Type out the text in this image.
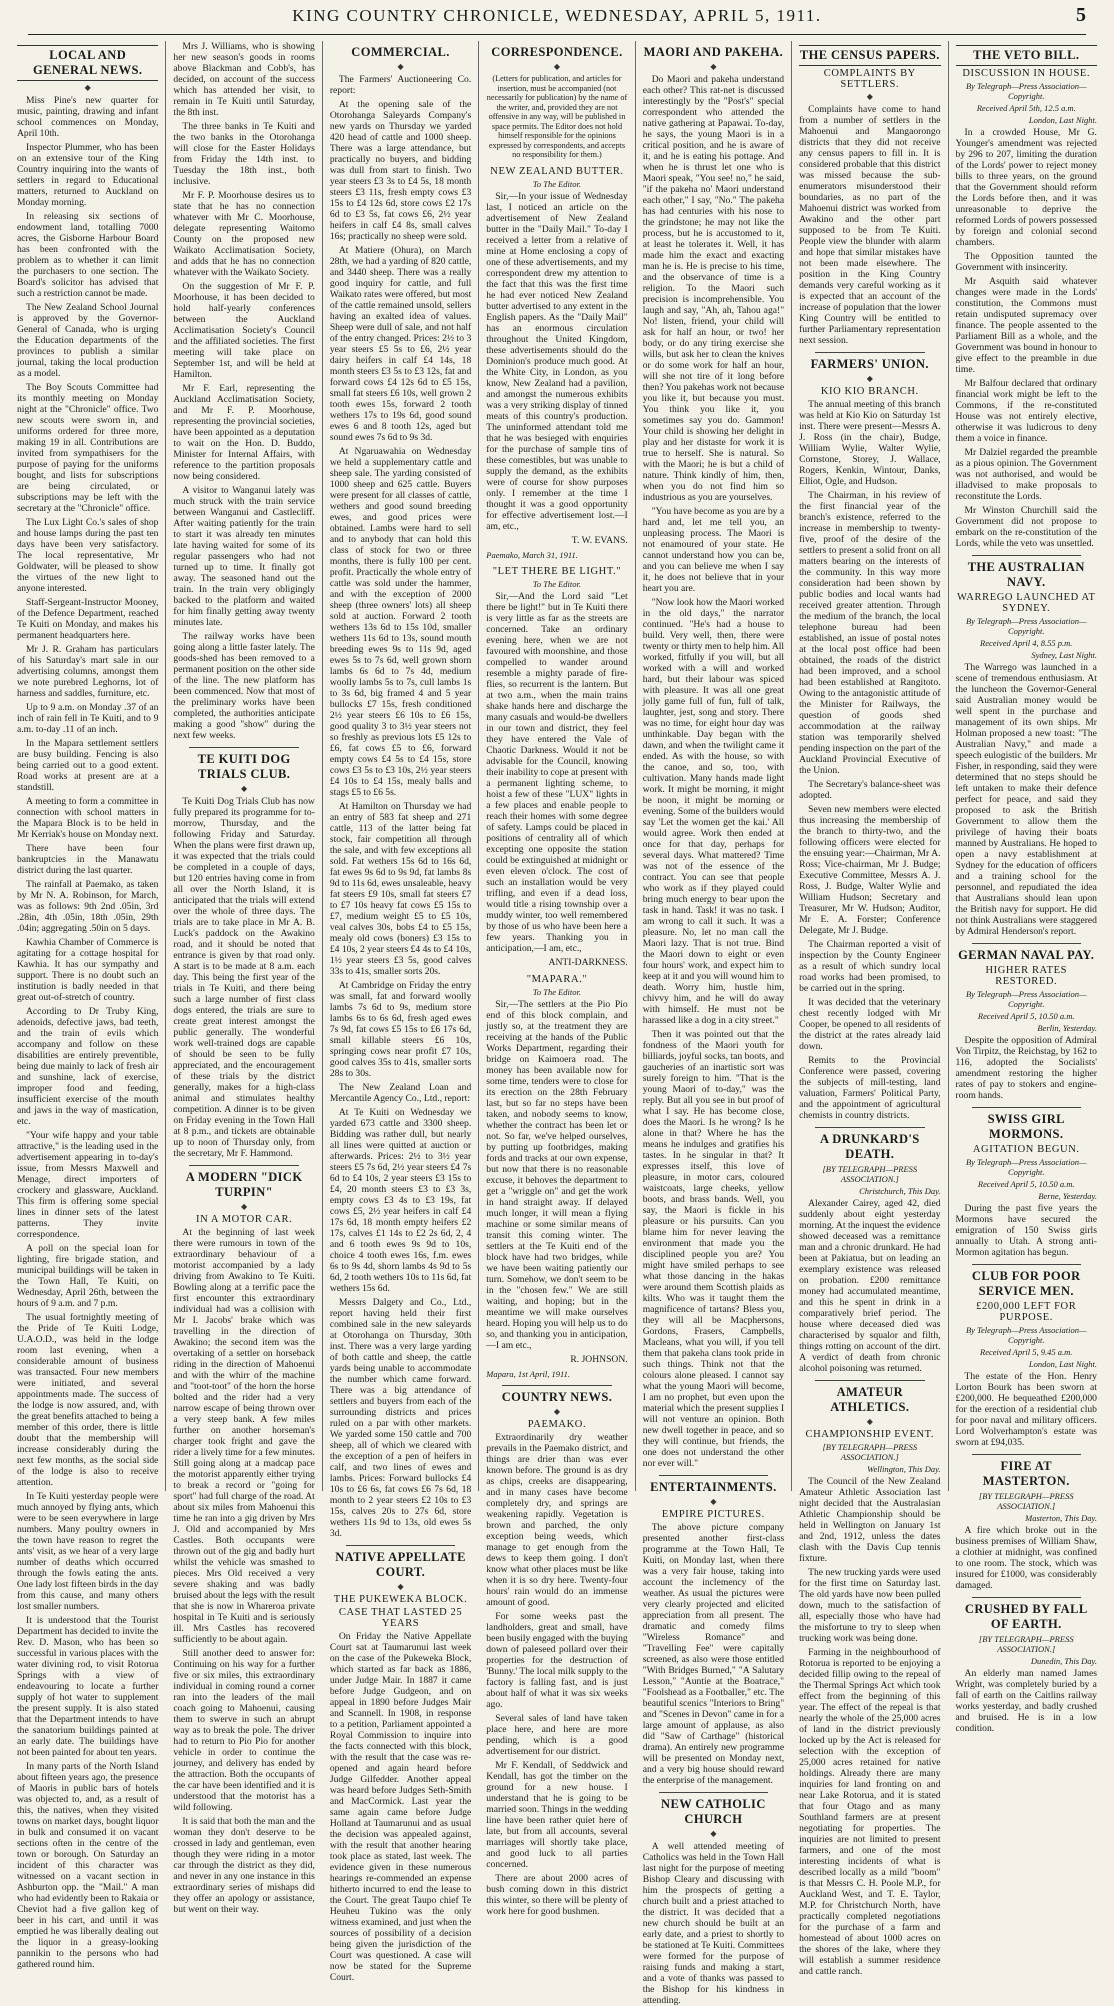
KING COUNTRY CHRONICLE, WEDNESDAY, APRIL 5, 1911.	5
LOCAL AND GENERAL NEWS.
◆

Miss Pine's new quarter for music, painting, drawing and infant school commences on Monday, April 10th.

Inspector Plummer, who has been on an extensive tour of the King Country inquiring into the wants of settlers in regard to Educational matters, returned to Auckland on Monday morning.

In releasing six sections of endowment land, totalling 7000 acres, the Gisborne Harbour Board has been confronted with the problem as to whether it can limit the purchasers to one section. The Board's solicitor has advised that such a restriction cannot be made.

The New Zealand School Journal is approved by the Governor-General of Canada, who is urging the Education departments of the provinces to publish a similar journal, taking the local production as a model.

The Boy Scouts Committee had its monthly meeting on Monday night at the "Chronicle" office. Two new scouts were sworn in, and uniforms ordered for three more, making 19 in all. Contributions are invited from sympathisers for the purpose of paying for the uniforms bought, and lists for subscriptions are being circulated, or subscriptions may be left with the secretary at the "Chronicle" office.

The Lux Light Co.'s sales of shop and house lamps during the past ten days have been very satisfactory. The local representative, Mr Goldwater, will be pleased to show the virtues of the new light to anyone interested.

Staff-Sergeant-Instructor Mooney, of the Defence Department, reached Te Kuiti on Monday, and makes his permanent headquarters here.

Mr J. R. Graham has particulars of his Saturday's mart sale in our advertising columns, amongst them we note purebred Leghorns, lot of harness and saddles, furniture, etc.

Up to 9 a.m. on Monday .37 of an inch of rain fell in Te Kuiti, and to 9 a.m. to-day .11 of an inch.

In the Mapara settlement settlers are busy building. Fencing is also being carried out to a good extent. Road works at present are at a standstill.

A meeting to form a committee in connection with school matters in the Mapara Block is to be held in Mr Kerriak's house on Monday next.

There have been four bankruptcies in the Manawatu district during the last quarter.

The rainfall at Paemako, as taken by Mr N. A. Robinson, for March, was as follows: 9th 2nd .05in, 3rd .28in, 4th .05in, 18th .05in, 29th .04in; aggregating .50in on 5 days.

Kawhia Chamber of Commerce is agitating for a cottage hospital for Kawhia. It has our sympathy and support. There is no doubt such an institution is badly needed in that great out-of-stretch of country.

According to Dr Truby King, adenoids, defective jaws, bad teeth, and the train of evils which accompany and follow on these disabilities are entirely preventible, being due mainly to lack of fresh air and sunshine, lack of exercise, improper food and feeding, insufficient exercise of the mouth and jaws in the way of mastication, etc.

"Your wife happy and your table attractive," is the leading used in the advertisement appearing in to-day's issue, from Messrs Maxwell and Menage, direct importers of crockery and glassware, Auckland. This firm is offering some special lines in dinner sets of the latest patterns. They invite correspondence.

A poll on the special loan for lighting, fire brigade station, and municipal buildings will be taken in the Town Hall, Te Kuiti, on Wednesday, April 26th, between the hours of 9 a.m. and 7 p.m.

The usual fortnightly meeting of the Pride of Te Kuiti Lodge, U.A.O.D., was held in the lodge room last evening, when a considerable amount of business was transacted. Four new members were initiated, and several appointments made. The success of the lodge is now assured, and, with the great benefits attached to being a member of this order, there is little doubt that the membership will increase considerably during the next few months, as the social side of the lodge is also to receive attention.

In Te Kuiti yesterday people were much annoyed by flying ants, which were to be seen everywhere in large numbers. Many poultry owners in the town have reason to regret the ants' visit, as we hear of a very large number of deaths which occurred through the fowls eating the ants. One lady lost fifteen birds in the day from this cause, and many others lost smaller numbers.

It is understood that the Tourist Department has decided to invite the Rev. D. Mason, who has been so successful in various places with the water divining rod, to visit Rotorua Springs with a view of endeavouring to locate a further supply of hot water to supplement the present supply. It is also stated that the Department intends to have the sanatorium buildings painted at an early date. The buildings have not been painted for about ten years.

In many parts of the North Island about fifteen years ago, the presence of Maoris in public bars of hotels was objected to, and, as a result of this, the natives, when they visited towns on market days, bought liquor in bulk and consumed it on vacant sections often in the centre of the town or borough. On Saturday an incident of this character was witnessed on a vacant section in Ashburton opp. the "Mail." A man who had evidently been to Rakaia or Cheviot had a five gallon keg of beer in his cart, and until it was emptied he was liberally dealing out the liquor in a greasy-looking pannikin to the persons who had gathered round him.

Mrs J. Williams, who is showing her new season's goods in rooms above Blackman and Cobb's, has decided, on account of the success which has attended her visit, to remain in Te Kuiti until Saturday, the 8th inst.

The three banks in Te Kuiti and the two banks in the Otorohanga will close for the Easter Holidays from Friday the 14th inst. to Tuesday the 18th inst., both inclusive.

Mr F. P. Moorhouse desires us to state that he has no connection whatever with Mr C. Moorhouse, delegate representing Waitomo County on the proposed new Waikato Acclimatisation Society, and adds that he has no connection whatever with the Waikato Society.

On the suggestion of Mr F. P. Moorhouse, it has been decided to hold half-yearly conferences between the Auckland Acclimatisation Society's Council and the affiliated societies. The first meeting will take place on September 1st, and will be held at Hamilton.

Mr F. Earl, representing the Auckland Acclimatisation Society, and Mr F. P. Moorhouse, representing the provincial societies, have been appointed as a deputation to wait on the Hon. D. Buddo, Minister for Internal Affairs, with reference to the partition proposals now being considered.

A visitor to Wanganui lately was much struck with the train service between Wanganui and Castlecliff. After waiting patiently for the train to start it was already ten minutes late having waited for some of its regular passengers who had not turned up to time. It finally got away. The seasoned hand out the train. In the train very obligingly backed to the platform and waited for him finally getting away twenty minutes late.

The railway works have been going along a little faster lately. The goods-shed has been removed to a permanent position on the other side of the line. The new platform has been commenced. Now that most of the preliminary works have been completed, the authorities anticipate making a good "show" during the next few weeks.

TE KUITI DOG TRIALS CLUB.
◆

Te Kuiti Dog Trials Club has now fully prepared its programme for to-morrow, Thursday, and the following Friday and Saturday. When the plans were first drawn up, it was expected that the trials could be completed in a couple of days, but 120 entries having come in from all over the North Island, it is anticipated that the trials will extend over the whole of three days. The trials are to take place in Mr A. B. Luck's paddock on the Awakino road, and it should be noted that entrance is given by that road only. A start is to be made at 8 a.m. each day. This being the first year of the trials in Te Kuiti, and there being such a large number of first class dogs entered, the trials are sure to create great interest amongst the public generally. The wonderful work well-trained dogs are capable of should be seen to be fully appreciated, and the encouragement of these trials by the district generally, makes for a high-class animal and stimulates healthy competition. A dinner is to be given on Friday evening in the Town Hall at 8 p.m., and tickets are obtainable up to noon of Thursday only, from the secretary, Mr F. Hammond.

A MODERN "DICK TURPIN"
◆
IN A MOTOR CAR.

At the beginning of last week there were rumours in town of the extraordinary behaviour of a motorist accompanied by a lady driving from Awakino to Te Kuiti. Bowling along at a terrific pace the first encounter this extraordinary individual had was a collision with Mr I. Jacobs' brake which was travelling in the direction of Awakino; the second item was the overtaking of a settler on horseback riding in the direction of Mahoenui and with the whirr of the machine and "toot-toot" of the horn the horse bolted and the rider had a very narrow escape of being thrown over a very steep bank. A few miles further on another horseman's charger took fright and gave the rider a lively time for a few minutes. Still going along at a madcap pace the motorist apparently either trying to break a record or "going for sport" had full charge of the road. At about six miles from Mahoenui this time he ran into a gig driven by Mrs J. Old and accompanied by Mrs Castles. Both occupants were thrown out of the gig and badly hurt whilst the vehicle was smashed to pieces. Mrs Old received a very severe shaking and was badly bruised about the legs with the result that she is now in Whareroa private hospital in Te Kuiti and is seriously ill. Mrs Castles has recovered sufficiently to be about again.

Still another deed to answer for: Continuing on his way for a further five or six miles, this extraordinary individual in coming round a corner ran into the leaders of the mail coach going to Mahoenui, causing them to swerve in such an abrupt way as to break the pole. The driver had to return to Pio Pio for another vehicle in order to continue the journey, and delivery has ended by the attraction. Both the occupants of the car have been identified and it is understood that the motorist has a wild following.

It is said that both the man and the woman they don't deserve to be crossed in lady and gentleman, even though they were riding in a motor car through the district as they did, and never in any one instance in this extraordinary series of mishaps did they offer an apology or assistance, but went on their way.

COMMERCIAL.
◆

The Farmers' Auctioneering Co. report:

At the opening sale of the Otorohanga Saleyards Company's new yards on Thursday we yarded 420 head of cattle and 1000 sheep. There was a large attendance, but practically no buyers, and bidding was dull from start to finish. Two year steers £3 3s to £4 5s, 18 month steers £3 11s, fresh empty cows £3 15s to £4 12s 6d, store cows £2 17s 6d to £3 5s, fat cows £6, 2½ year heifers in calf £4 8s, small calves 16s; practically no sheep were sold.

At Matiere (Ohura), on March 28th, we had a yarding of 820 cattle, and 3440 sheep. There was a really good inquiry for cattle, and full Waikato rates were offered, but most of the cattle remained unsold, sellers having an exalted idea of values. Sheep were dull of sale, and not half of the entry changed. Prices: 2½ to 3 year steers £5 5s to £6, 2½ year dairy heifers in calf £4 14s, 18 month steers £3 5s to £3 12s, fat and forward cows £4 12s 6d to £5 15s, small fat steers £6 10s, well grown 2 tooth ewes 15s, forward 2 tooth wethers 17s to 19s 6d, good sound ewes 6 and 8 tooth 12s, aged but sound ewes 7s 6d to 9s 3d.

At Ngaruawahia on Wednesday we held a supplementary cattle and sheep sale. The yarding consisted of 1000 sheep and 625 cattle. Buyers were present for all classes of cattle, wethers and good sound breeding ewes, and good prices were obtained. Lambs were hard to sell and to anybody that can hold this class of stock for two or three months, there is fully 100 per cent. profit. Practically the whole entry of cattle was sold under the hammer, and with the exception of 2000 sheep (three owners' lots) all sheep sold at auction. Forward 2 tooth wethers 13s 6d to 15s 10d, smaller wethers 11s 6d to 13s, sound mouth breeding ewes 9s to 11s 9d, aged ewes 5s to 7s 6d, well grown shorn lambs 6s 6d to 7s 4d, medium woolly lambs 5s to 7s, cull lambs 1s to 3s 6d, big framed 4 and 5 year bullocks £7 15s, fresh conditioned 2½ year steers £6 10s to £6 15s, good quality 3 to 3½ year steers not so freshly as previous lots £5 12s to £6, fat cows £5 to £6, forward empty cows £4 5s to £4 15s, store cows £3 5s to £3 10s, 2½ year steers £4 10s to £4 15s, mealy balls and stags £5 to £6 5s.

At Hamilton on Thursday we had an entry of 583 fat sheep and 271 cattle, 113 of the latter being fat stock, fair competition all through the sale, and with few exceptions all sold. Fat wethers 15s 6d to 16s 6d, fat ewes 9s 6d to 9s 9d, fat lambs 8s 9d to 11s 6d, ewes unsaleable, heavy fat steers £9 10s, small fat steers £7 to £7 10s heavy fat cows £5 15s to £7, medium weight £5 to £5 10s, veal calves 30s, bobs £4 to £5 15s, mealy old cows (boners) £3 15s to £4 10s, 2 year steers £4 4s to £4 10s, 1½ year steers £3 5s, good calves 33s to 41s, smaller sorts 20s.

At Cambridge on Friday the entry was small, fat and forward woolly lambs 7s 6d to 9s, medium store lambs 6s to 6s 6d, fresh aged ewes 7s 9d, fat cows £5 15s to £6 17s 6d, small killable steers £6 10s, springing cows near profit £7 10s, good calves 35s to 41s, smaller sorts 28s to 30s.

The New Zealand Loan and Mercantile Agency Co., Ltd., report:

At Te Kuiti on Wednesday we yarded 673 cattle and 3300 sheep. Bidding was rather dull, but nearly all lines were quitted at auction or afterwards. Prices: 2½ to 3½ year steers £5 7s 6d, 2½ year steers £4 7s 6d to £4 10s, 2 year steers £3 15s to £4, 20 month steers £3 to £3 3s, empty cows £3 4s to £3 19s, fat cows £5, 2½ year heifers in calf £4 17s 6d, 18 month empty heifers £2 17s, calves £1 14s to £2 2s 6d, 2, 4 and 6 tooth ewes 9s 9d to 10s, choice 4 tooth ewes 16s, f.m. ewes 6s to 9s 4d, shorn lambs 4s 9d to 5s 6d, 2 tooth wethers 10s to 11s 6d, fat wethers 15s 6d.

Messrs Dalgety and Co., Ltd., report having held their first combined sale in the new saleyards at Otorohanga on Thursday, 30th inst. There was a very large yarding of both cattle and sheep, the cattle yards being unable to accommodate the number which came forward. There was a big attendance of settlers and buyers from each of the surrounding districts and prices ruled on a par with other markets. We yarded some 150 cattle and 700 sheep, all of which we cleared with the exception of a pen of heifers in calf, and two lines of ewes and lambs. Prices: Forward bullocks £4 10s to £6 6s, fat cows £6 7s 6d, 18 month to 2 year steers £2 10s to £3 15s, calves 20s to 27s 6d, store wethers 11s 9d to 13s, old ewes 5s 3d.

NATIVE APPELLATE COURT.
◆
THE PUKEWEKA BLOCK.
CASE THAT LASTED 25 YEARS

On Friday the Native Appellate Court sat at Taumarunui last week on the case of the Pukeweka Block, which started as far back as 1886, under Judge Mair. In 1887 it came before Judge Gudgeon, and on appeal in 1890 before Judges Mair and Scannell. In 1908, in response to a petition, Parliament appointed a Royal Commission to inquire into the facts connected with this block, with the result that the case was re-opened and again heard before Judge Gilfedder. Another appeal was heard before Judges Seth-Smith and MacCormick. Last year the same again came before Judge Holland at Taumarunui and as usual the decision was appealed against, with the result that another hearing took place as stated, last week. The evidence given in these numerous hearings re-commended an expense hitherto incurred to end the lease to the Court. The great Taupo chief Te Heuheu Tukino was the only witness examined, and just when the sources of possibility of a decision being given the jurisdiction of the Court was questioned. A case will now be stated for the Supreme Court.

CORRESPONDENCE.
◆

(Letters for publication, and articles for insertion, must be accompanied (not necessarily for publication) by the name of the writer, and, provided they are not offensive in any way, will be published in space permits. The Editor does not hold himself responsible for the opinions expressed by correspondents, and accepts no responsibility for them.)

NEW ZEALAND BUTTER.
To The Editor.

Sir,—In your issue of Wednesday last, I noticed an article on the advertisement of New Zealand butter in the "Daily Mail." To-day I received a letter from a relative of mine at Home enclosing a copy of one of these advertisements, and my correspondent drew my attention to the fact that this was the first time he had ever noticed New Zealand butter advertised to any extent in the English papers. As the "Daily Mail" has an enormous circulation throughout the United Kingdom, these advertisements should do the Dominion's produce much good. At the White City, in London, as you know, New Zealand had a pavilion, and amongst the numerous exhibits was a very striking display of tinned meats of this country's production. The uninformed attendant told me that he was besieged with enquiries for the purchase of sample tins of these comestibles, but was unable to supply the demand, as the exhibits were of course for show purposes only. I remember at the time I thought it was a good opportunity for effective advertisement lost.—I am, etc.,

T. W. EVANS.
Paemako, March 31, 1911.
"LET THERE BE LIGHT."
To The Editor.

Sir,—And the Lord said "Let there be light!" but in Te Kuiti there is very little as far as the streets are concerned. Take an ordinary evening here, when we are not favoured with moonshine, and those compelled to wander around resemble a mighty parade of fire-flies, so recurrent is the lantern. But at two a.m., when the main trains shake hands here and discharge the many casuals and would-be dwellers in our town and district, they feel they have entered the Vale of Chaotic Darkness. Would it not be advisable for the Council, knowing their inability to cope at present with a permanent lighting scheme, to hoist a few of these "LUX" lights in a few places and enable people to reach their homes with some degree of safety. Lamps could be placed in positions of centrality all of which excepting one opposite the station could be extinguished at midnight or even eleven o'clock. The cost of such an installation would be very trifling, and even if a dead loss, would title a rising township over a muddy winter, too well remembered by those of us who have been here a few years. Thanking you in anticipation,—I am, etc.,

ANTI-DARKNESS.
"MAPARA."
To The Editor.

Sir,—The settlers at the Pio Pio end of this block complain, and justly so, at the treatment they are receiving at the hands of the Public Works Department, regarding their bridge on Kaimoera road. The money has been available now for some time, tenders were to close for its erection on the 28th February last, but so far no steps have been taken, and nobody seems to know, whether the contract has been let or not. So far, we've helped ourselves, by putting up footbridges, making fords and tracks at our own expense, but now that there is no reasonable excuse, it behoves the department to get a "wriggle on" and get the work in hand straight away. If delayed much longer, it will mean a flying machine or some similar means of transit this coming winter. The settlers at the Te Kuiti end of the block have had two bridges, while we have been waiting patiently our turn. Somehow, we don't seem to be in the "chosen few." We are still waiting, and hoping; but in the meantime we will make ourselves heard. Hoping you will help us to do so, and thanking you in anticipation,—I am etc.,

R. JOHNSON.
Mapara, 1st April, 1911.
COUNTRY NEWS.
◆
PAEMAKO.

Extraordinarily dry weather prevails in the Paemako district, and things are drier than was ever known before. The ground is as dry as chips, creeks are disappearing, and in many cases have become completely dry, and springs are weakening rapidly. Vegetation is brown and parched, the only exception being weeds, which manage to get enough from the dews to keep them going. I don't know what other places must be like when it is so dry here. Twenty-four hours' rain would do an immense amount of good.

For some weeks past the landholders, great and small, have been busily engaged with the buying down of paleseed pollard over their properties for the destruction of 'Bunny.' The local milk supply to the factory is falling fast, and is just about half of what it was six weeks ago.

Several sales of land have taken place here, and here are more pending, which is a good advertisement for our district.

Mr F. Kendall, of Seddwick and Kendall, has got the timber on the ground for a new house. I understand that he is going to be married soon. Things in the wedding line have been rather quiet here of late, but from all accounts, several marriages will shortly take place, and good luck to all parties concerned.

There are about 2000 acres of bush coming down in this district this winter, so there will be plenty of work here for good bushmen.

MAORI AND PAKEHA.
◆

Do Maori and pakeha understand each other? This rat-net is discussed interestingly by the "Post's" special correspondent who attended the native gathering at Papawai. To-day, he says, the young Maori is in a critical position, and he is aware of it, and he is eating his pottage. And when he is thrust let one who is Maori speak, "You see! no," he said, "if the pakeha no' Maori understand each other," I say, "No." The pakeha has had centuries with his nose to the grindstone; he may not like the process, but he is accustomed to it, at least he tolerates it. Well, it has made him the exact and exacting man he is. He is precise to his time, and the observance of time is a religion. To the Maori such precision is incomprehensible. You laugh and say, "Ah, ah, Tahou aga!" No! listen, friend, your child will ask for half an hour, or two! her body, or do any tiring exercise she wills, but ask her to clean the knives or do some work for half an hour, will she not tire of it long before then? You pakehas work not because you like it, but because you must. You think you like it, you sometimes say you do. Gammon! Your child is showing her delight in play and her distaste for work it is true to herself. She is natural. So with the Maori; he is but a child of nature. Think kindly of him, then, when you do not find him so industrious as you are yourselves.

"You have become as you are by a hard and, let me tell you, an unpleasing process. The Maori is not enamoured of your state. He cannot understand how you can be, and you can believe me when I say it, he does not believe that in your heart you are.

"Now look how the Maori worked in the old days," the narrator continued. "He's had a house to build. Very well, then, there were twenty or thirty men to help him. All worked, fitfully if you will, but all worked with a will and worked hard, but their labour was spiced with pleasure. It was all one great jolly game full of fun, full of talk, laughter, jest, song and story. There was no time, for eight hour day was unthinkable. Day began with the dawn, and when the twilight came it ended. As with the house, so with the canoe, and so, too, with cultivation. Many hands made light work. It might be morning, it might be noon, it might be morning or evening. Some of the builders would say 'Let the women get the kai.' All would agree. Work then ended at once for that day, perhaps for several days. What mattered? Time was not of the essence of the contract. You can see that people who work as if they played could bring much energy to bear upon the task in hand. Task! it was no task. I am wrong to call it such. It was a pleasure. No, let no man call the Maori lazy. That is not true. Bind the Maori down to eight or even four hours' work, and expect him to keep at it and you will wound him to death. Worry him, hustle him, chivvy him, and he will do away with himself. He must not be harassed like a dog in a city street."

Then it was pointed out that the fondness of the Maori youth for billiards, joyful socks, tan boots, and gaucheries of an inartistic sort was surely foreign to him. "That is the young Maori of to-day," was the reply. But all you see in but proof of what I say. He has become close, does the Maori. Is he wrong? Is he alone in that? Where he has the means he indulges and gratifies his tastes. In he singular in that? It expresses itself, this love of pleasure, in motor cars, coloured waistcoats, large cheeks, yellow boots, and brass bands. Well, you say, the Maori is fickle in his pleasure or his pursuits. Can you blame him for never leaving the environment that made you the disciplined people you are? You might have smiled perhaps to see what those dancing in the hakas were around them Scottish plaids as kilts. Who was it taught them the magnificence of tartans? Bless you, they will all be Macphersons, Gordons, Frasers, Campbells, Macleans, what you will, if you tell them that pakeha clans took pride in such things. Think not that the colours alone pleased. I cannot say what the young Maori will become, I am no prophet, but even upon the material which the present supplies I will not venture an opinion. Both new dwell together in peace, and so they will continue, but friends, the one does not understand the other nor ever will."

ENTERTAINMENTS.
◆
EMPIRE PICTURES.

The above picture company presented another first-class programme at the Town Hall, Te Kuiti, on Monday last, when there was a very fair house, taking into account the inclemency of the weather. As usual the pictures were very clearly projected and elicited appreciation from all present. The dramatic and comedy films "Wireless Romance" and "Travelling Fee" were capitally screened, as also were those entitled "With Bridges Burned," "A Salutary Lesson," "Auntie at the Boatrace," "Foolshead as a Footballer," etc. The beautiful scenics "Interiors to Bring" and "Scenes in Devon" came in for a large amount of applause, as also did "Saw of Carthage" (historical drama). An entirely new programme will be presented on Monday next, and a very big house should reward the enterprise of the management.

NEW CATHOLIC CHURCH
◆

A well attended meeting of Catholics was held in the Town Hall last night for the purpose of meeting Bishop Cleary and discussing with him the prospects of getting a church built and a priest attached to the district. It was decided that a new church should be built at an early date, and a priest to shortly to be stationed at Te Kuiti. Committees were formed for the purpose of raising funds and making a start, and a vote of thanks was passed to the Bishop for his kindness in attending.

THE CENSUS PAPERS.
COMPLAINTS BY SETTLERS.
◆

Complaints have come to hand from a number of settlers in the Mahoenui and Mangaorongo districts that they did not receive any census papers to fill in. It is considered probable that this district was missed because the sub-enumerators misunderstood their boundaries, as no part of the Mahoenui district was worked from Awakino and the other part supposed to be from Te Kuiti. People view the blunder with alarm and hope that similar mistakes have not been made elsewhere. The position in the King Country demands very careful working as it is expected that an account of the increase of population that the lower King Country will be entitled to further Parliamentary representation next session.

FARMERS' UNION.
◆
KIO KIO BRANCH.

The annual meeting of this branch was held at Kio Kio on Saturday 1st inst. There were present—Messrs A. J. Ross (in the chair), Budge, William Wylie, Walter Wylie, Cornstone, Storey, J. Wallace, Rogers, Kenkin, Wintour, Danks, Elliot, Ogle, and Hudson.

The Chairman, in his review of the first financial year of the branch's existence, referred to the increase in membership to twenty-five, proof of the desire of the settlers to present a solid front on all matters bearing on the interests of the community. In this way more consideration had been shown by public bodies and local wants had received greater attention. Through the medium of the branch, the local telephone bureau had been established, an issue of postal notes at the local post office had been obtained, the roads of the district had been improved, and a school had been established at Rangitoto. Owing to the antagonistic attitude of the Minister for Railways, the question of goods shed accommodation at the railway station was temporarily shelved pending inspection on the part of the Auckland Provincial Executive of the Union.

The Secretary's balance-sheet was adopted.

Seven new members were elected thus increasing the membership of the branch to thirty-two, and the following officers were elected for the ensuing year:—Chairman, Mr A. Ross; Vice-chairman, Mr J. Budge; Executive Committee, Messrs A. J. Ross, J. Budge, Walter Wylie and William Hudson; Secretary and Treasurer, Mr W. Hudson; Auditor, Mr E. A. Forster; Conference Delegate, Mr J. Budge.

The Chairman reported a visit of inspection by the County Engineer as a result of which sundry local road works had been promised, to be carried out in the spring.

It was decided that the veterinary chest recently lodged with Mr Cooper, be opened to all residents of the district at the rates already laid down.

Remits to the Provincial Conference were passed, covering the subjects of mill-testing, land valuation, Farmers' Political Party, and the appointment of agricultural chemists in country districts.

A DRUNKARD'S DEATH.
[BY TELEGRAPH—PRESS ASSOCIATION.]
Christchurch, This Day.

Alexander Cairey, aged 42, died suddenly about eight yesterday morning. At the inquest the evidence showed deceased was a remittance man and a chronic drunkard. He had been at Pakiatua, but on leading an exemplary existence was released on probation. £200 remittance money had accumulated meantime, and this he spent in drink in a comparatively brief period. The house where deceased died was characterised by squalor and filth, things rotting on account of the dirt. A verdict of death from chronic alcohol poisoning was returned.

AMATEUR ATHLETICS.
◆
CHAMPIONSHIP EVENT.
[BY TELEGRAPH—PRESS ASSOCIATION.]
Wellington, This Day.

The Council of the New Zealand Amateur Athletic Association last night decided that the Australasian Athletic Championship should be held in Wellington on January 1st and 2nd, 1912, unless the dates clash with the Davis Cup tennis fixture.

The new trucking yards were used for the first time on Saturday last. The old yards have now been pulled down, much to the satisfaction of all, especially those who have had the misfortune to try to sleep when trucking work was being done.

Farming in the neighbourhood of Rotorua is reported to be enjoying a decided fillip owing to the repeal of the Thermal Springs Act which took effect from the beginning of this year. The effect of the repeal is that nearly the whole of the 25,000 acres of land in the district previously locked up by the Act is released for selection with the exception of 25,000 acres retained for native holdings. Already there are many inquiries for land fronting on and near Lake Rotorua, and it is stated that four Otago and as many Southland farmers are at present negotiating for properties. The inquiries are not limited to present farmers, and one of the most interesting incidents of what is described locally as a mild "boom" is that Messrs C. H. Poole M.P., for Auckland West, and T. E. Taylor, M.P. for Christchurch North, have practically completed negotiations for the purchase of a farm and homestead of about 1000 acres on the shores of the lake, where they will establish a summer residence and cattle ranch.

THE VETO BILL.
DISCUSSION IN HOUSE.
By Telegraph—Press Association—Copyright.
Received April 5th, 12.5 a.m.
London, Last Night.

In a crowded House, Mr G. Younger's amendment was rejected by 296 to 207, limiting the duration of the Lords' power to reject money bills to three years, on the ground that the Government should reform the Lords before then, and it was unreasonable to deprive the reformed Lords of powers possessed by foreign and colonial second chambers.

The Opposition taunted the Government with insincerity.

Mr Asquith said whatever changes were made in the Lords' constitution, the Commons must retain undisputed supremacy over finance. The people assented to the Parliament Bill as a whole, and the Government was bound in honour to give effect to the preamble in due time.

Mr Balfour declared that ordinary financial work might be left to the Commons, if the re-constituted House was not entirely elective, otherwise it was ludicrous to deny them a voice in finance.

Mr Dalziel regarded the preamble as a pious opinion. The Government was not authorised, and would be illadvised to make proposals to reconstitute the Lords.

Mr Winston Churchill said the Government did not propose to embark on the re-constitution of the Lords, while the veto was unsettled.

THE AUSTRALIAN NAVY.
WARREGO LAUNCHED AT SYDNEY.
By Telegraph—Press Association—Copyright.
Received April 4, 8.55 p.m.
Sydney, Last Night.

The Warrego was launched in a scene of tremendous enthusiasm. At the luncheon the Governor-General said Australian money would be well spent in the purchase and management of its own ships. Mr Holman proposed a new toast: "The Australian Navy," and made a speech eulogistic of the builders. Mr Fisher, in responding, said they were determined that no steps should be left untaken to make their defence perfect for peace, and said they proposed to ask the British Government to allow them the privilege of having their boats manned by Australians. He hoped to open a navy establishment at Sydney for the education of officers and a training school for the personnel, and repudiated the idea that Australians should lean upon the British navy for support. He did not think Australians were staggered by Admiral Henderson's report.

GERMAN NAVAL PAY.
HIGHER RATES RESTORED.
By Telegraph—Press Association—Copyright.
Received April 5, 10.50 a.m.
Berlin, Yesterday.

Despite the opposition of Admiral Von Tirpitz, the Reichstag, by 162 to 116, adopted the Socialists' amendment restoring the higher rates of pay to stokers and engine-room hands.

SWISS GIRL MORMONS.
AGITATION BEGUN.
By Telegraph—Press Association—Copyright.
Received April 5, 10.50 a.m.
Berne, Yesterday.

During the past five years the Mormons have secured the emigration of 150 Swiss girls annually to Utah. A strong anti-Mormon agitation has begun.

CLUB FOR POOR SERVICE MEN.
£200,000 LEFT FOR PURPOSE.
By Telegraph—Press Association—Copyright.
Received April 5, 9.45 a.m.
London, Last Night.

The estate of the Hon. Henry Lorton Bourk has been sworn at £200,000. He bequeathed £200,000 for the erection of a residential club for poor naval and military officers. Lord Wolverhampton's estate was sworn at £94,035.

FIRE AT MASTERTON.
[BY TELEGRAPH—PRESS ASSOCIATION.]
Masterton, This Day.

A fire which broke out in the business premises of William Shaw, a clothier at midnight, was confined to one room. The stock, which was insured for £1000, was considerably damaged.

CRUSHED BY FALL OF EARTH.
[BY TELEGRAPH—PRESS ASSOCIATION.]
Dunedin, This Day.

An elderly man named James Wright, was completely buried by a fall of earth on the Caitlins railway works yesterday, and badly crushed and bruised. He is in a low condition.
